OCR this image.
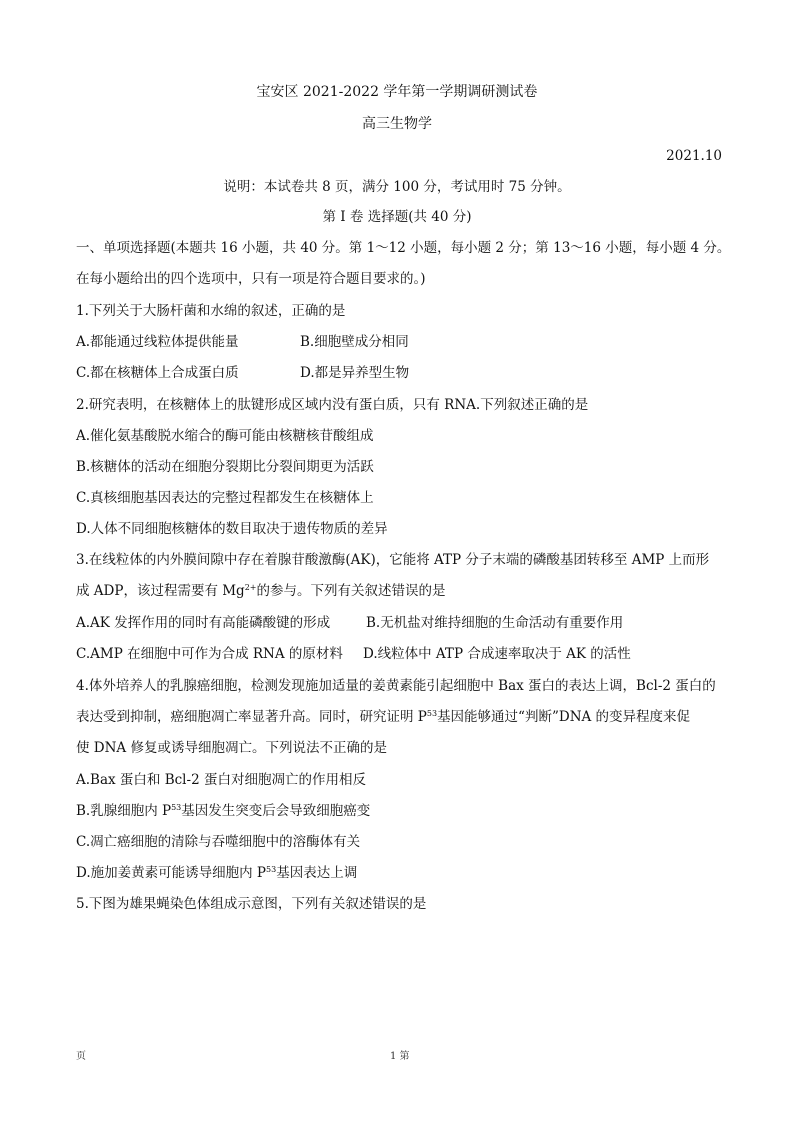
宝安区 2021-2022 学年第一学期调研测试卷
高三生物学
2021.10
说明：本试卷共 8 页，满分 100 分，考试用时 75 分钟。
第 I 卷 选择题(共 40 分)
一、单项选择题(本题共 16 小题，共 40 分。第 1～12 小题，每小题 2 分；第 13～16 小题，每小题 4 分。
在每小题给出的四个选项中，只有一项是符合题目要求的。)
1.下列关于大肠杆菌和水绵的叙述，正确的是
A.都能通过线粒体提供能量	B.细胞壁成分相同
C.都在核糖体上合成蛋白质	D.都是异养型生物
2.研究表明，在核糖体上的肽键形成区域内没有蛋白质，只有 RNA.下列叙述正确的是
A.催化氨基酸脱水缩合的酶可能由核糖核苷酸组成
B.核糖体的活动在细胞分裂期比分裂间期更为活跃
C.真核细胞基因表达的完整过程都发生在核糖体上
D.人体不同细胞核糖体的数目取决于遗传物质的差异
3.在线粒体的内外膜间隙中存在着腺苷酸激酶(AK)，它能将 ATP 分子末端的磷酸基团转移至 AMP 上而形
成 ADP，该过程需要有 $Mg^{2+}$的参与。下列有关叙述错误的是
A.AK 发挥作用的同时有高能磷酸键的形成	B.无机盐对维持细胞的生命活动有重要作用
C.AMP 在细胞中可作为合成 RNA 的原材料 D.线粒体中 ATP 合成速率取决于 AK 的活性
4.体外培养人的乳腺癌细胞，检测发现施加适量的姜黄素能引起细胞中 Bax 蛋白的表达上调，Bcl-2 蛋白的
表达受到抑制，癌细胞凋亡率显著升高。同时，研究证明 $P^{53}$基因能够通过“判断”DNA 的变异程度来促
使 DNA 修复或诱导细胞凋亡。下列说法不正确的是
A.Bax 蛋白和 Bcl-2 蛋白对细胞凋亡的作用相反
B.乳腺细胞内 $P^{53}$基因发生突变后会导致细胞癌变
C.凋亡癌细胞的清除与吞噬细胞中的溶酶体有关
D.施加姜黄素可能诱导细胞内 $P^{53}$基因表达上调
5.下图为雄果蝇染色体组成示意图，下列有关叙述错误的是
页	1 第
